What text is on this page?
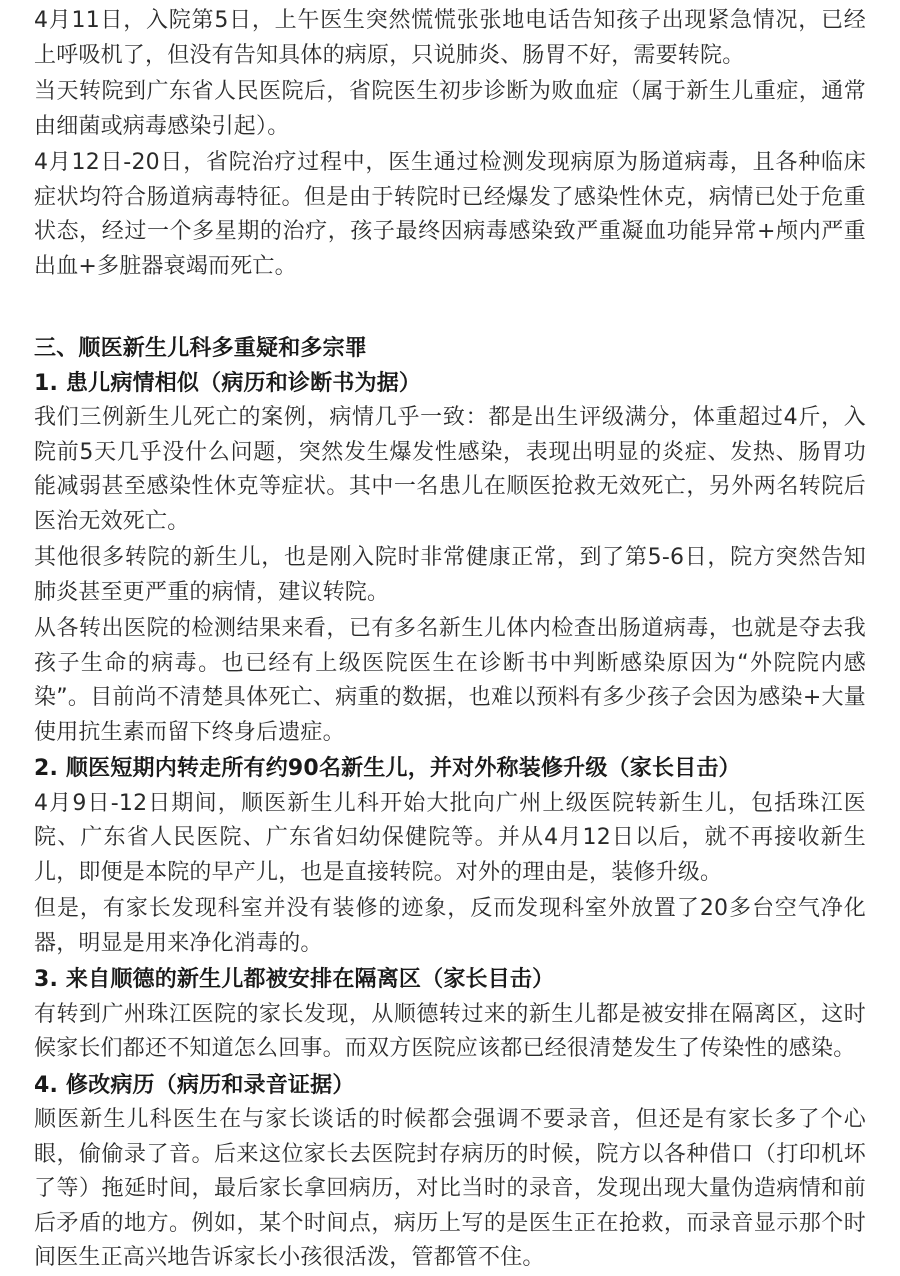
4月11日，入院第5日，上午医生突然慌慌张张地电话告知孩子出现紧急情况，已经上呼吸机了，但没有告知具体的病原，只说肺炎、肠胃不好，需要转院。

当天转院到广东省人民医院后，省院医生初步诊断为败血症（属于新生儿重症，通常由细菌或病毒感染引起）。

4月12日-20日，省院治疗过程中，医生通过检测发现病原为肠道病毒，且各种临床症状均符合肠道病毒特征。但是由于转院时已经爆发了感染性休克，病情已处于危重状态，经过一个多星期的治疗，孩子最终因病毒感染致严重凝血功能异常+颅内严重出血+多脏器衰竭而死亡。

三、顺医新生儿科多重疑和多宗罪

1. 患儿病情相似（病历和诊断书为据）

我们三例新生儿死亡的案例，病情几乎一致：都是出生评级满分，体重超过4斤，入院前5天几乎没什么问题，突然发生爆发性感染，表现出明显的炎症、发热、肠胃功能减弱甚至感染性休克等症状。其中一名患儿在顺医抢救无效死亡，另外两名转院后医治无效死亡。

其他很多转院的新生儿，也是刚入院时非常健康正常，到了第5-6日，院方突然告知肺炎甚至更严重的病情，建议转院。

从各转出医院的检测结果来看，已有多名新生儿体内检查出肠道病毒，也就是夺去我孩子生命的病毒。也已经有上级医院医生在诊断书中判断感染原因为“外院院内感染”。目前尚不清楚具体死亡、病重的数据，也难以预料有多少孩子会因为感染+大量使用抗生素而留下终身后遗症。

2. 顺医短期内转走所有约90名新生儿，并对外称装修升级（家长目击）

4月9日-12日期间，顺医新生儿科开始大批向广州上级医院转新生儿，包括珠江医院、广东省人民医院、广东省妇幼保健院等。并从4月12日以后，就不再接收新生儿，即便是本院的早产儿，也是直接转院。对外的理由是，装修升级。

但是，有家长发现科室并没有装修的迹象，反而发现科室外放置了20多台空气净化器，明显是用来净化消毒的。

3. 来自顺德的新生儿都被安排在隔离区（家长目击）

有转到广州珠江医院的家长发现，从顺德转过来的新生儿都是被安排在隔离区，这时候家长们都还不知道怎么回事。而双方医院应该都已经很清楚发生了传染性的感染。

4. 修改病历（病历和录音证据）

顺医新生儿科医生在与家长谈话的时候都会强调不要录音，但还是有家长多了个心眼，偷偷录了音。后来这位家长去医院封存病历的时候，院方以各种借口（打印机坏了等）拖延时间，最后家长拿回病历，对比当时的录音，发现出现大量伪造病情和前后矛盾的地方。例如，某个时间点，病历上写的是医生正在抢救，而录音显示那个时间医生正高兴地告诉家长小孩很活泼，管都管不住。
